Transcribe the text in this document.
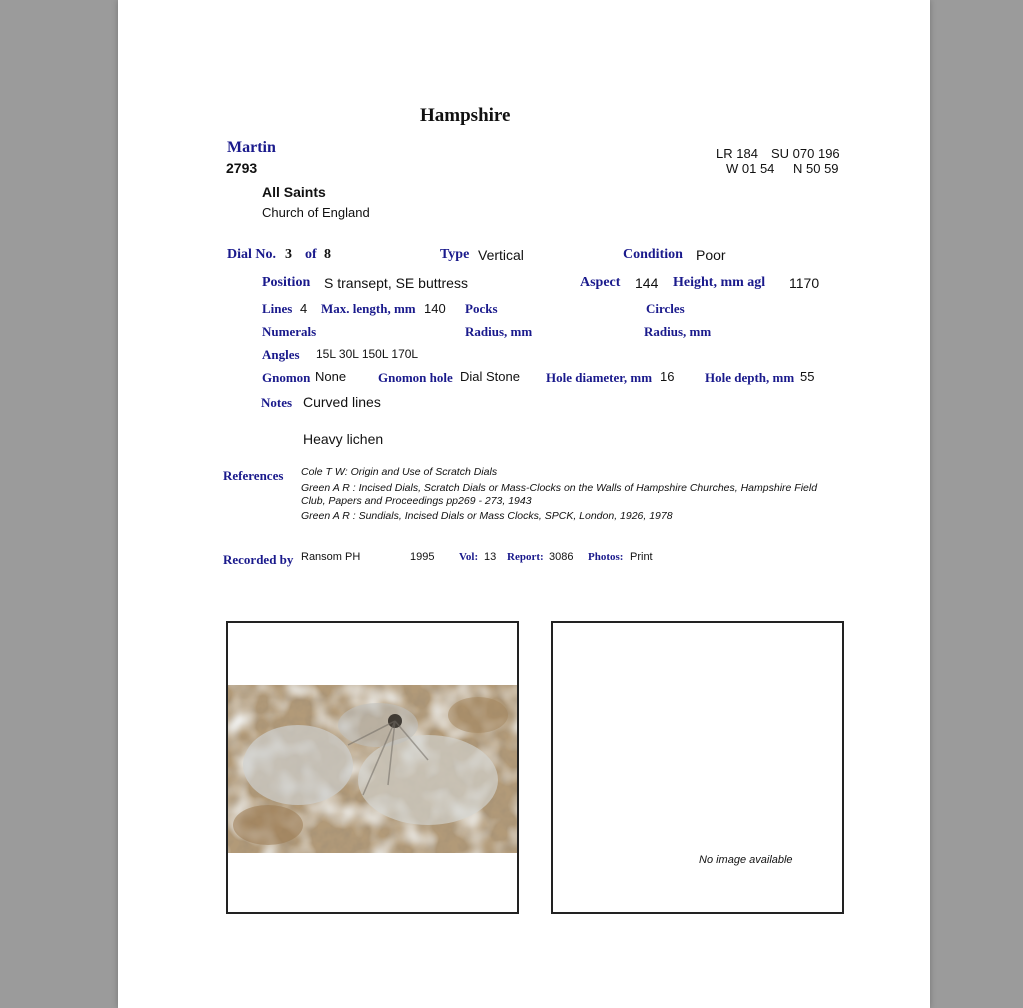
Hampshire
Martin
2793
LR 184 SU 070 196
W 01 54 N 50 59
All Saints
Church of England
Dial No. 3 of 8	Type Vertical	Condition Poor
Position S transept, SE buttress	Aspect 144 Height, mm agl 1170
Lines 4 Max. length, mm 140 Pocks	Circles
Numerals	Radius, mm	Radius, mm
Angles 15L 30L 150L 170L
Gnomon None Gnomon hole Dial Stone Hole diameter, mm 16 Hole depth, mm 55
Notes Curved lines
Heavy lichen
References Cole T W: Origin and Use of Scratch Dials
Green A R : Incised Dials, Scratch Dials or Mass-Clocks on the Walls of Hampshire Churches, Hampshire Field
Club, Papers and Proceedings pp269 - 273, 1943
Green A R : Sundials, Incised Dials or Mass Clocks, SPCK, London, 1926, 1978
Recorded by Ransom PH	1995 Vol: 13 Report: 3086 Photos: Print
No image available
